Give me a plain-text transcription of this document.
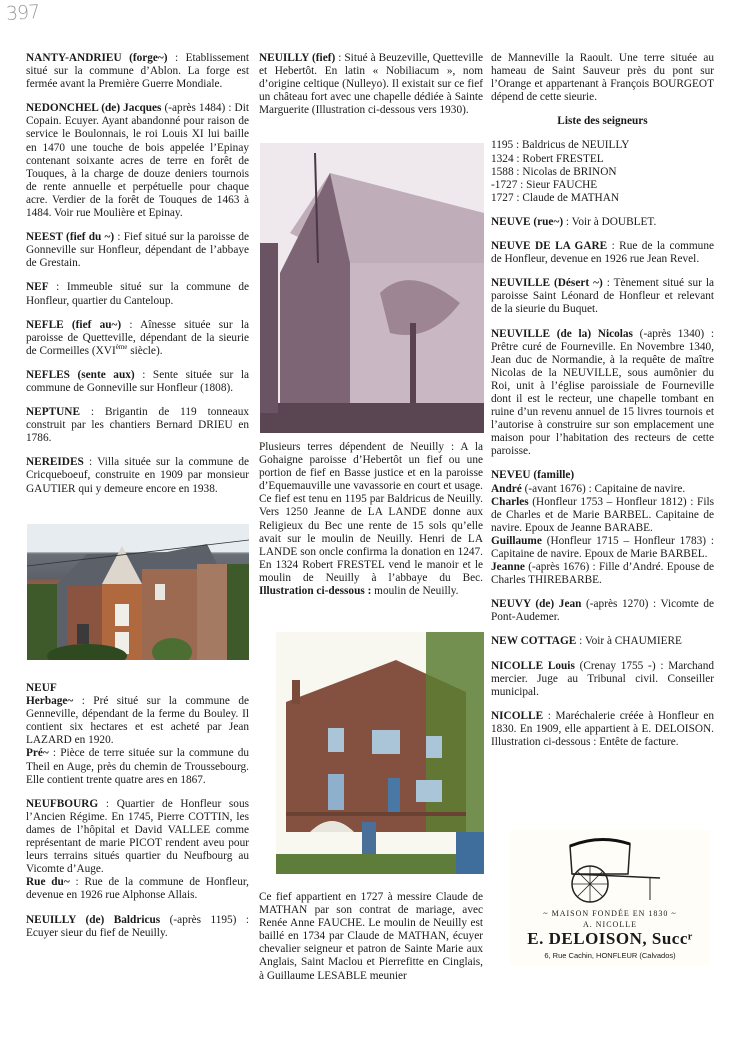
397

NANTY-ANDRIEU (forge~) : Etablissement situé sur la commune d’Ablon. La forge est fermée avant la Première Guerre Mondiale.

NEDONCHEL (de) Jacques (-après 1484) : Dit Copain. Ecuyer. Ayant abandonné pour raison de service le Boulonnais, le roi Louis XI lui baille en 1470 une touche de bois appelée l’Epinay contenant soixante acres de terre en forêt de Touques, à la charge de douze deniers tournois de rente annuelle et perpétuelle pour chaque acre. Verdier de la forêt de Touques de 1463 à 1484. Voir rue Moulière et Epinay.

NEEST (fief du ~) : Fief situé sur la paroisse de Gonneville sur Honfleur, dépendant de l’abbaye de Grestain.

NEF : Immeuble situé sur la commune de Honfleur, quartier du Canteloup.

NEFLE (fief au~) : Aînesse située sur la paroisse de Quetteville, dépendant de la sieurie de Cormeilles (XVIème siècle).

NEFLES (sente aux) : Sente située sur la commune de Gonneville sur Honfleur (1808).

NEPTUNE : Brigantin de 119 tonneaux construit par les chantiers Bernard DRIEU en 1786.

NEREIDES : Villa située sur la commune de Cricqueboeuf, construite en 1909 par monsieur GAUTIER qui y demeure encore en 1938.

NEUF

Herbage~ : Pré situé sur la commune de Genneville, dépendant de la ferme du Bouley. Il contient six hectares et est acheté par Jean LAZARD en 1920.

Pré~ : Pièce de terre située sur la commune du Theil en Auge, près du chemin de Troussebourg. Elle contient trente quatre ares en 1867.

NEUFBOURG : Quartier de Honfleur sous l’Ancien Régime. En 1745, Pierre COTTIN, les dames de l’hôpital et David VALLEE comme représentant de marie PICOT rendent aveu pour leurs terrains situés quartier du Neufbourg au Vicomte d’Auge.

Rue du~ : Rue de la commune de Honfleur, devenue en 1926 rue Alphonse Allais.

NEUILLY (de) Baldricus (-après 1195) : Ecuyer sieur du fief de Neuilly.

NEUILLY (fief) : Situé à Beuzeville, Quetteville et Hebertôt. En latin « Nobiliacum », nom d’origine celtique (Nulleyo). Il existait sur ce fief un château fort avec une chapelle dédiée à Sainte Marguerite (Illustration ci-dessous vers 1930).

Plusieurs terres dépendent de Neuilly : A la Gohaigne paroisse d’Hebertôt un fief ou une portion de fief en Basse justice et en la paroisse d’Equemauville une vavassorie en court et usage. Ce fief est tenu en 1195 par Baldricus de Neuilly. Vers 1250 Jeanne de LA LANDE donne aux Religieux du Bec une rente de 15 sols qu’elle avait sur le moulin de Neuilly. Henri de LA LANDE son oncle confirma la donation en 1247. En 1324 Robert FRESTEL vend le manoir et le moulin de Neuilly à l’abbaye du Bec. Illustration ci-dessous : moulin de Neuilly.

Ce fief appartient en 1727 à messire Claude de MATHAN par son contrat de mariage, avec Renée Anne FAUCHE. Le moulin de Neuilly est baillé en 1734 par Claude de MATHAN, écuyer chevalier seigneur et patron de Sainte Marie aux Anglais, Saint Maclou et Pierrefitte en Cinglais, à Guillaume LESABLE meunier

de Manneville la Raoult. Une terre située au hameau de Saint Sauveur près du pont sur l’Orange et appartenant à François BOURGEOT dépend de cette sieurie.

Liste des seigneurs

1195 : Baldricus de NEUILLY
1324 : Robert FRESTEL
1588 : Nicolas de BRINON
-1727 : Sieur FAUCHE
1727 : Claude de MATHAN

NEUVE (rue~) : Voir à DOUBLET.

NEUVE DE LA GARE : Rue de la commune de Honfleur, devenue en 1926 rue Jean Revel.

NEUVILLE (Désert ~) : Tènement situé sur la paroisse Saint Léonard de Honfleur et relevant de la sieurie du Buquet.

NEUVILLE (de la) Nicolas (-après 1340) : Prêtre curé de Fourneville. En Novembre 1340, Jean duc de Normandie, à la requête de maître Nicolas de la NEUVILLE, sous aumônier du Roi, unit à l’église paroissiale de Fourneville dont il est le recteur, une chapelle tombant en ruine d’un revenu annuel de 15 livres tournois et l’autorise à construire sur son emplacement une maison pour l’habitation des recteurs de cette paroisse.

NEVEU (famille)

André (-avant 1676) : Capitaine de navire.

Charles (Honfleur 1753 – Honfleur 1812) : Fils de Charles et de Marie BARBEL. Capitaine de navire. Epoux de Jeanne BARABE.

Guillaume (Honfleur 1715 – Honfleur 1783) : Capitaine de navire. Epoux de Marie BARBEL.

Jeanne (-après 1676) : Fille d’André. Epouse de Charles THIREBARBE.

NEUVY (de) Jean (-après 1270) : Vicomte de Pont-Audemer.

NEW COTTAGE : Voir à CHAUMIERE

NICOLLE Louis (Crenay 1755 -) : Marchand mercier. Juge au Tribunal civil. Conseiller municipal.

NICOLLE : Maréchalerie créée à Honfleur en 1830. En 1909, elle appartient à E. DELOISON. Illustration ci-dessous : Entête de facture.

~ MAISON FONDÉE EN 1830 ~
A. NICOLLE
E. DELOISON, Succʳ
6, Rue Cachin, HONFLEUR (Calvados)
